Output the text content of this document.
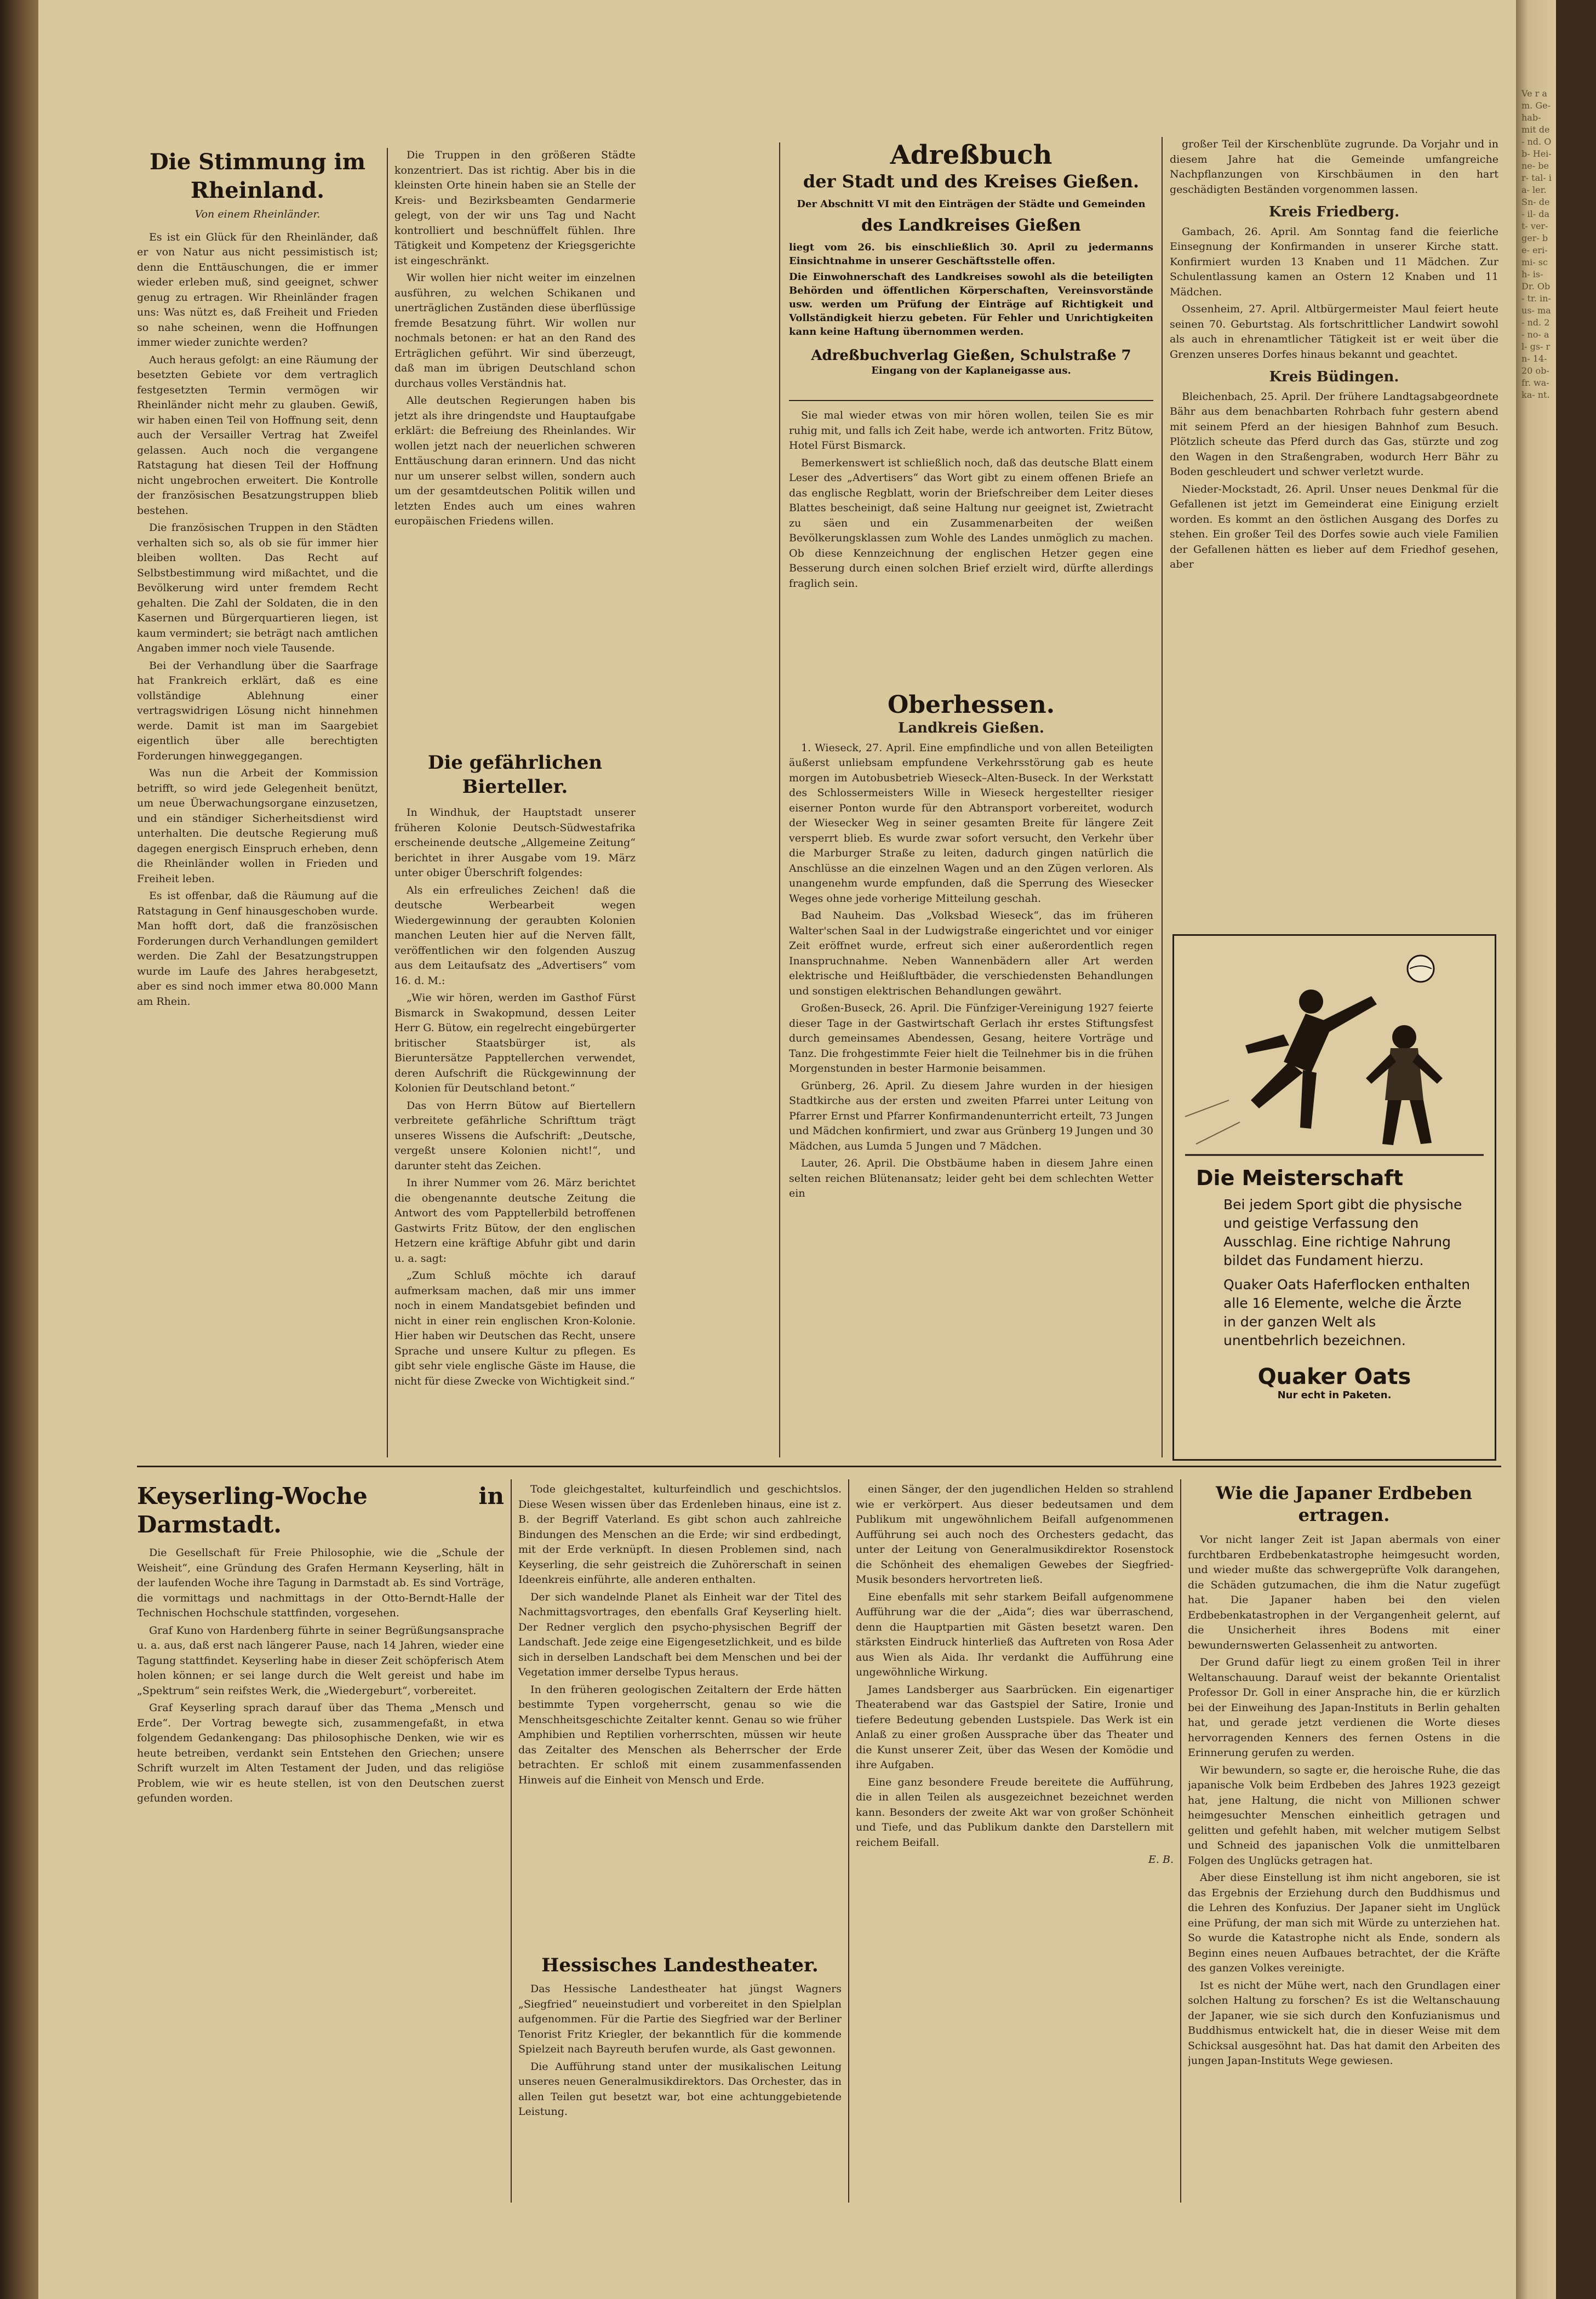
Die Stimmung im Rheinland.
Von einem Rheinländer.

Es ist ein Glück für den Rheinländer, daß er von Natur aus nicht pessimistisch ist; denn die Enttäuschungen, die er immer wieder erleben muß, sind geeignet, schwer genug zu ertragen. Wir Rheinländer fragen uns: Was nützt es, daß Freiheit und Frieden so nahe scheinen, wenn die Hoffnungen immer wieder zunichte werden?

Auch heraus gefolgt: an eine Räumung der besetzten Gebiete vor dem vertraglich festgesetzten Termin vermögen wir Rheinländer nicht mehr zu glauben. Gewiß, wir haben einen Teil von Hoffnung seit, denn auch der Versailler Vertrag hat Zweifel gelassen. Auch noch die vergangene Ratstagung hat diesen Teil der Hoffnung nicht ungebrochen erweitert. Die Kontrolle der französischen Besatzungstruppen blieb bestehen.

Die französischen Truppen in den Städten verhalten sich so, als ob sie für immer hier bleiben wollten. Das Recht auf Selbstbestimmung wird mißachtet, und die Bevölkerung wird unter fremdem Recht gehalten. Die Zahl der Soldaten, die in den Kasernen und Bürgerquartieren liegen, ist kaum vermindert; sie beträgt nach amtlichen Angaben immer noch viele Tausende.

Bei der Verhandlung über die Saarfrage hat Frankreich erklärt, daß es eine vollständige Ablehnung einer vertragswidrigen Lösung nicht hinnehmen werde. Damit ist man im Saargebiet eigentlich über alle berechtigten Forderungen hinweggegangen.

Was nun die Arbeit der Kommission betrifft, so wird jede Gelegenheit benützt, um neue Überwachungsorgane einzusetzen, und ein ständiger Sicherheitsdienst wird unterhalten. Die deutsche Regierung muß dagegen energisch Einspruch erheben, denn die Rheinländer wollen in Frieden und Freiheit leben.

Es ist offenbar, daß die Räumung auf die Ratstagung in Genf hinausgeschoben wurde. Man hofft dort, daß die französischen Forderungen durch Verhandlungen gemildert werden. Die Zahl der Besatzungstruppen wurde im Laufe des Jahres herabgesetzt, aber es sind noch immer etwa 80.000 Mann am Rhein.

Die Truppen in den größeren Städte konzentriert. Das ist richtig. Aber bis in die kleinsten Orte hinein haben sie an Stelle der Kreis- und Bezirksbeamten Gendarmerie gelegt, von der wir uns Tag und Nacht kontrolliert und beschnüffelt fühlen. Ihre Tätigkeit und Kompetenz der Kriegsgerichte ist eingeschränkt.

Wir wollen hier nicht weiter im einzelnen ausführen, zu welchen Schikanen und unerträglichen Zuständen diese überflüssige fremde Besatzung führt. Wir wollen nur nochmals betonen: er hat an den Rand des Erträglichen geführt. Wir sind überzeugt, daß man im übrigen Deutschland schon durchaus volles Verständnis hat.

Alle deutschen Regierungen haben bis jetzt als ihre dringendste und Hauptaufgabe erklärt: die Befreiung des Rheinlandes. Wir wollen jetzt nach der neuerlichen schweren Enttäuschung daran erinnern. Und das nicht nur um unserer selbst willen, sondern auch um der gesamtdeutschen Politik willen und letzten Endes auch um eines wahren europäischen Friedens willen.

Die gefährlichen Bierteller.

In Windhuk, der Hauptstadt unserer früheren Kolonie Deutsch-Südwestafrika erscheinende deutsche „Allgemeine Zeitung“ berichtet in ihrer Ausgabe vom 19. März unter obiger Überschrift folgendes:

Als ein erfreuliches Zeichen! daß die deutsche Werbearbeit wegen Wiedergewinnung der geraubten Kolonien manchen Leuten hier auf die Nerven fällt, veröffentlichen wir den folgenden Auszug aus dem Leitaufsatz des „Advertisers“ vom 16. d. M.:

„Wie wir hören, werden im Gasthof Fürst Bismarck in Swakopmund, dessen Leiter Herr G. Bütow, ein regelrecht eingebürgerter britischer Staatsbürger ist, als Bieruntersätze Papptellerchen verwendet, deren Aufschrift die Rückgewinnung der Kolonien für Deutschland betont.“

Das von Herrn Bütow auf Biertellern verbreitete gefährliche Schrifttum trägt unseres Wissens die Aufschrift: „Deutsche, vergeßt unsere Kolonien nicht!“, und darunter steht das Zeichen.

In ihrer Nummer vom 26. März berichtet die obengenannte deutsche Zeitung die Antwort des vom Papptellerbild betroffenen Gastwirts Fritz Bütow, der den englischen Hetzern eine kräftige Abfuhr gibt und darin u. a. sagt:

„Zum Schluß möchte ich darauf aufmerksam machen, daß mir uns immer noch in einem Mandatsgebiet befinden und nicht in einer rein englischen Kron-Kolonie. Hier haben wir Deutschen das Recht, unsere Sprache und unsere Kultur zu pflegen. Es gibt sehr viele englische Gäste im Hause, die nicht für diese Zwecke von Wichtigkeit sind.“

Adreßbuch
der Stadt und des Kreises Gießen.
Der Abschnitt VI mit den Einträgen der Städte und Gemeinden
des Landkreises Gießen
liegt vom 26. bis einschließlich 30. April zu jedermanns Einsichtnahme in unserer Geschäftsstelle offen.
Die Einwohnerschaft des Landkreises sowohl als die beteiligten Behörden und öffentlichen Körperschaften, Vereinsvorstände usw. werden um Prüfung der Einträge auf Richtigkeit und Vollständigkeit hierzu gebeten. Für Fehler und Unrichtigkeiten kann keine Haftung übernommen werden.
Adreßbuchverlag Gießen, Schulstraße 7
Eingang von der Kaplaneigasse aus.

Sie mal wieder etwas von mir hören wollen, teilen Sie es mir ruhig mit, und falls ich Zeit habe, werde ich antworten. Fritz Bütow, Hotel Fürst Bismarck.

Bemerkenswert ist schließlich noch, daß das deutsche Blatt einem Leser des „Advertisers“ das Wort gibt zu einem offenen Briefe an das englische Regblatt, worin der Briefschreiber dem Leiter dieses Blattes bescheinigt, daß seine Haltung nur geeignet ist, Zwietracht zu säen und ein Zusammenarbeiten der weißen Bevölkerungsklassen zum Wohle des Landes unmöglich zu machen. Ob diese Kennzeichnung der englischen Hetzer gegen eine Besserung durch einen solchen Brief erzielt wird, dürfte allerdings fraglich sein.

Oberhessen.
Landkreis Gießen.

1. Wieseck, 27. April. Eine empfindliche und von allen Beteiligten äußerst unliebsam empfundene Verkehrsstörung gab es heute morgen im Autobusbetrieb Wieseck–Alten-Buseck. In der Werkstatt des Schlossermeisters Wille in Wieseck hergestellter riesiger eiserner Ponton wurde für den Abtransport vorbereitet, wodurch der Wiesecker Weg in seiner gesamten Breite für längere Zeit versperrt blieb. Es wurde zwar sofort versucht, den Verkehr über die Marburger Straße zu leiten, dadurch gingen natürlich die Anschlüsse an die einzelnen Wagen und an den Zügen verloren. Als unangenehm wurde empfunden, daß die Sperrung des Wiesecker Weges ohne jede vorherige Mitteilung geschah.

Bad Nauheim. Das „Volksbad Wieseck“, das im früheren Walter'schen Saal in der Ludwigstraße eingerichtet und vor einiger Zeit eröffnet wurde, erfreut sich einer außerordentlich regen Inanspruchnahme. Neben Wannenbädern aller Art werden elektrische und Heißluftbäder, die verschiedensten Behandlungen und sonstigen elektrischen Behandlungen gewährt.

Großen-Buseck, 26. April. Die Fünfziger-Vereinigung 1927 feierte dieser Tage in der Gastwirtschaft Gerlach ihr erstes Stiftungsfest durch gemeinsames Abendessen, Gesang, heitere Vorträge und Tanz. Die frohgestimmte Feier hielt die Teilnehmer bis in die frühen Morgenstunden in bester Harmonie beisammen.

Grünberg, 26. April. Zu diesem Jahre wurden in der hiesigen Stadtkirche aus der ersten und zweiten Pfarrei unter Leitung von Pfarrer Ernst und Pfarrer Konfirmandenunterricht erteilt, 73 Jungen und Mädchen konfirmiert, und zwar aus Grünberg 19 Jungen und 30 Mädchen, aus Lumda 5 Jungen und 7 Mädchen.

Lauter, 26. April. Die Obstbäume haben in diesem Jahre einen selten reichen Blütenansatz; leider geht bei dem schlechten Wetter ein

großer Teil der Kirschenblüte zugrunde. Da Vorjahr und in diesem Jahre hat die Gemeinde umfangreiche Nachpflanzungen von Kirschbäumen in den hart geschädigten Beständen vorgenommen lassen.

Kreis Friedberg.

Gambach, 26. April. Am Sonntag fand die feierliche Einsegnung der Konfirmanden in unserer Kirche statt. Konfirmiert wurden 13 Knaben und 11 Mädchen. Zur Schulentlassung kamen an Ostern 12 Knaben und 11 Mädchen.

Ossenheim, 27. April. Altbürgermeister Maul feiert heute seinen 70. Geburtstag. Als fortschrittlicher Landwirt sowohl als auch in ehrenamtlicher Tätigkeit ist er weit über die Grenzen unseres Dorfes hinaus bekannt und geachtet.

Kreis Büdingen.

Bleichenbach, 25. April. Der frühere Landtagsabgeordnete Bähr aus dem benachbarten Rohrbach fuhr gestern abend mit seinem Pferd an der hiesigen Bahnhof zum Besuch. Plötzlich scheute das Pferd durch das Gas, stürzte und zog den Wagen in den Straßengraben, wodurch Herr Bähr zu Boden geschleudert und schwer verletzt wurde.

Nieder-Mockstadt, 26. April. Unser neues Denkmal für die Gefallenen ist jetzt im Gemeinderat eine Einigung erzielt worden. Es kommt an den östlichen Ausgang des Dorfes zu stehen. Ein großer Teil des Dorfes sowie auch viele Familien der Gefallenen hätten es lieber auf dem Friedhof gesehen, aber

Die Meisterschaft
Bei jedem Sport gibt die physische und geistige Verfassung den Ausschlag. Eine richtige Nahrung bildet das Fundament hierzu.
Quaker Oats Haferflocken enthalten alle 16 Elemente, welche die Ärzte in der ganzen Welt als unentbehrlich bezeichnen.
Quaker Oats
Nur echt in Paketen.
Keyserling-Woche in Darmstadt.

Die Gesellschaft für Freie Philosophie, wie die „Schule der Weisheit“, eine Gründung des Grafen Hermann Keyserling, hält in der laufenden Woche ihre Tagung in Darmstadt ab. Es sind Vorträge, die vormittags und nachmittags in der Otto-Berndt-Halle der Technischen Hochschule stattfinden, vorgesehen.

Graf Kuno von Hardenberg führte in seiner Begrüßungsansprache u. a. aus, daß erst nach längerer Pause, nach 14 Jahren, wieder eine Tagung stattfindet. Keyserling habe in dieser Zeit schöpferisch Atem holen können; er sei lange durch die Welt gereist und habe im „Spektrum“ sein reifstes Werk, die „Wiedergeburt“, vorbereitet.

Graf Keyserling sprach darauf über das Thema „Mensch und Erde“. Der Vortrag bewegte sich, zusammengefaßt, in etwa folgendem Gedankengang: Das philosophische Denken, wie wir es heute betreiben, verdankt sein Entstehen den Griechen; unsere Schrift wurzelt im Alten Testament der Juden, und das religiöse Problem, wie wir es heute stellen, ist von den Deutschen zuerst gefunden worden.

Tode gleichgestaltet, kulturfeindlich und geschichtslos. Diese Wesen wissen über das Erdenleben hinaus, eine ist z. B. der Begriff Vaterland. Es gibt schon auch zahlreiche Bindungen des Menschen an die Erde; wir sind erdbedingt, mit der Erde verknüpft. In diesen Problemen sind, nach Keyserling, die sehr geistreich die Zuhörerschaft in seinen Ideenkreis einführte, alle anderen enthalten.

Der sich wandelnde Planet als Einheit war der Titel des Nachmittagsvortrages, den ebenfalls Graf Keyserling hielt. Der Redner verglich den psycho-physischen Begriff der Landschaft. Jede zeige eine Eigengesetzlichkeit, und es bilde sich in derselben Landschaft bei dem Menschen und bei der Vegetation immer derselbe Typus heraus.

In den früheren geologischen Zeitaltern der Erde hätten bestimmte Typen vorgeherrscht, genau so wie die Menschheitsgeschichte Zeitalter kennt. Genau so wie früher Amphibien und Reptilien vorherrschten, müssen wir heute das Zeitalter des Menschen als Beherrscher der Erde betrachten. Er schloß mit einem zusammenfassenden Hinweis auf die Einheit von Mensch und Erde.

Hessisches Landestheater.

Das Hessische Landestheater hat jüngst Wagners „Siegfried“ neueinstudiert und vorbereitet in den Spielplan aufgenommen. Für die Partie des Siegfried war der Berliner Tenorist Fritz Kriegler, der bekanntlich für die kommende Spielzeit nach Bayreuth berufen wurde, als Gast gewonnen.

Die Aufführung stand unter der musikalischen Leitung unseres neuen Generalmusikdirektors. Das Orchester, das in allen Teilen gut besetzt war, bot eine achtunggebietende Leistung.

einen Sänger, der den jugendlichen Helden so strahlend wie er verkörpert. Aus dieser bedeutsamen und dem Publikum mit ungewöhnlichem Beifall aufgenommenen Aufführung sei auch noch des Orchesters gedacht, das unter der Leitung von Generalmusikdirektor Rosenstock die Schönheit des ehemaligen Gewebes der Siegfried-Musik besonders hervortreten ließ.

Eine ebenfalls mit sehr starkem Beifall aufgenommene Aufführung war die der „Aida“; dies war überraschend, denn die Hauptpartien mit Gästen besetzt waren. Den stärksten Eindruck hinterließ das Auftreten von Rosa Ader aus Wien als Aida. Ihr verdankt die Aufführung eine ungewöhnliche Wirkung.

James Landsberger aus Saarbrücken. Ein eigenartiger Theaterabend war das Gastspiel der Satire, Ironie und tiefere Bedeutung gebenden Lustspiele. Das Werk ist ein Anlaß zu einer großen Aussprache über das Theater und die Kunst unserer Zeit, über das Wesen der Komödie und ihre Aufgaben.

Eine ganz besondere Freude bereitete die Aufführung, die in allen Teilen als ausgezeichnet bezeichnet werden kann. Besonders der zweite Akt war von großer Schönheit und Tiefe, und das Publikum dankte den Darstellern mit reichem Beifall.

E. B.
Wie die Japaner Erdbeben ertragen.

Vor nicht langer Zeit ist Japan abermals von einer furchtbaren Erdbebenkatastrophe heimgesucht worden, und wieder mußte das schwergeprüfte Volk darangehen, die Schäden gutzumachen, die ihm die Natur zugefügt hat. Die Japaner haben bei den vielen Erdbebenkatastrophen in der Vergangenheit gelernt, auf die Unsicherheit ihres Bodens mit einer bewundernswerten Gelassenheit zu antworten.

Der Grund dafür liegt zu einem großen Teil in ihrer Weltanschauung. Darauf weist der bekannte Orientalist Professor Dr. Goll in einer Ansprache hin, die er kürzlich bei der Einweihung des Japan-Instituts in Berlin gehalten hat, und gerade jetzt verdienen die Worte dieses hervorragenden Kenners des fernen Ostens in die Erinnerung gerufen zu werden.

Wir bewundern, so sagte er, die heroische Ruhe, die das japanische Volk beim Erdbeben des Jahres 1923 gezeigt hat, jene Haltung, die nicht von Millionen schwer heimgesuchter Menschen einheitlich getragen und gelitten und gefehlt haben, mit welcher mutigem Selbst und Schneid des japanischen Volk die unmittelbaren Folgen des Unglücks getragen hat.

Aber diese Einstellung ist ihm nicht angeboren, sie ist das Ergebnis der Erziehung durch den Buddhismus und die Lehren des Konfuzius. Der Japaner sieht im Unglück eine Prüfung, der man sich mit Würde zu unterziehen hat. So wurde die Katastrophe nicht als Ende, sondern als Beginn eines neuen Aufbaues betrachtet, der die Kräfte des ganzen Volkes vereinigte.

Ist es nicht der Mühe wert, nach den Grundlagen einer solchen Haltung zu forschen? Es ist die Weltanschauung der Japaner, wie sie sich durch den Konfuzianismus und Buddhismus entwickelt hat, die in dieser Weise mit dem Schicksal ausgesöhnt hat. Das hat damit den Arbeiten des jungen Japan-Instituts Wege gewiesen.

Ve r a m. Ge- hab- mit de- nd. Ob- Hei- ne- ber- tal- ia- ler. Sn- de- il- dat- ver- ger- be- eri- mi- sch- is- Dr. Ob- tr. in- us- ma- nd. 2- no- al- gs- rn- 14- 20 ob- fr. wa- ka- nt.
